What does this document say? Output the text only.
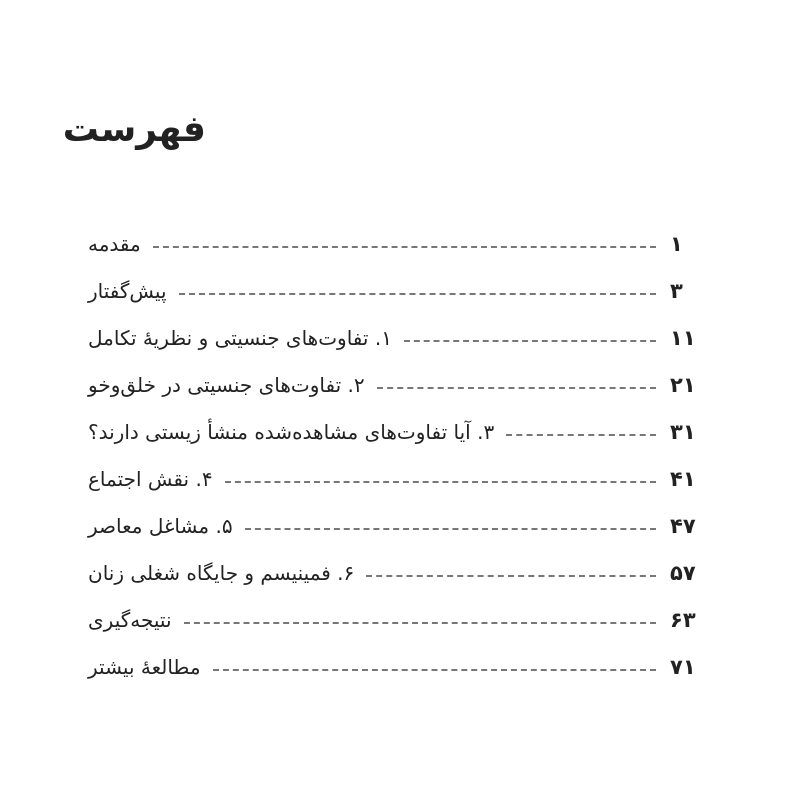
فهرست
مقدمه	۱
پیش‌گفتار	۳
۱. تفاوت‌های جنسیتی و نظریهٔ تکامل	۱۱
۲. تفاوت‌های جنسیتی در خلق‌وخو	۲۱
۳. آیا تفاوت‌های مشاهده‌شده منشأ زیستی دارند؟	۳۱
۴. نقش اجتماع	۴۱
۵. مشاغل معاصر	۴۷
۶. فمینیسم و جایگاه شغلی زنان	۵۷
نتیجه‌گیری	۶۳
مطالعهٔ بیشتر	۷۱
